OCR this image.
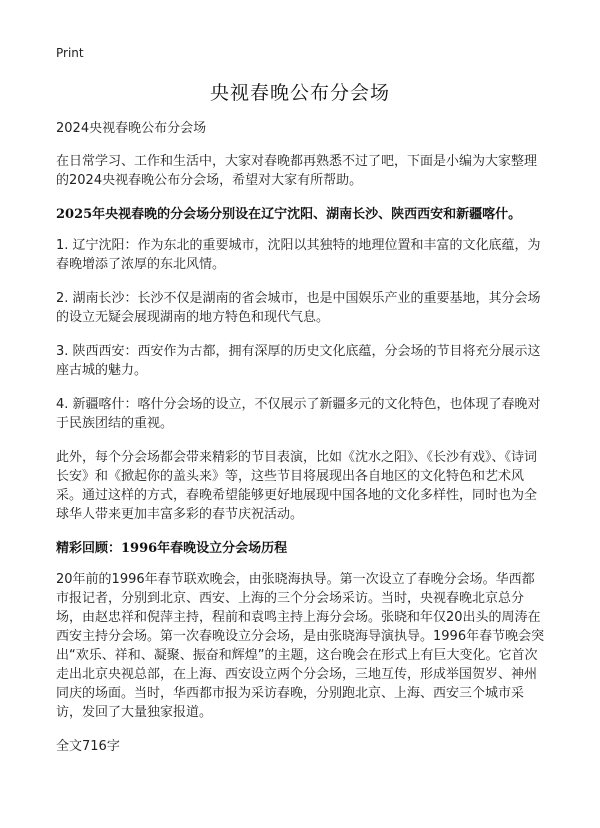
Print
央视春晚公布分会场

2024央视春晚公布分会场

在日常学习、工作和生活中，大家对春晚都再熟悉不过了吧，下面是小编为大家整理的2024央视春晚公布分会场，希望对大家有所帮助。

2025年央视春晚的分会场分别设在辽宁沈阳、湖南长沙、陕西西安和新疆喀什。

1. 辽宁沈阳：作为东北的重要城市，沈阳以其独特的地理位置和丰富的文化底蕴，为春晚增添了浓厚的东北风情。

2. 湖南长沙：长沙不仅是湖南的省会城市，也是中国娱乐产业的重要基地，其分会场的设立无疑会展现湖南的地方特色和现代气息。

3. 陕西西安：西安作为古都，拥有深厚的历史文化底蕴，分会场的节目将充分展示这座古城的魅力。

4. 新疆喀什：喀什分会场的设立，不仅展示了新疆多元的文化特色，也体现了春晚对于民族团结的重视。

此外，每个分会场都会带来精彩的节目表演，比如《沈水之阳》、《长沙有戏》、《诗词长安》和《掀起你的盖头来》等，这些节目将展现出各自地区的文化特色和艺术风采。通过这样的方式，春晚希望能够更好地展现中国各地的文化多样性，同时也为全球华人带来更加丰富多彩的春节庆祝活动。

精彩回顾：1996年春晚设立分会场历程

20年前的1996年春节联欢晚会，由张晓海执导。第一次设立了春晚分会场。华西都市报记者，分别到北京、西安、上海的三个分会场采访。当时，央视春晚北京总分场，由赵忠祥和倪萍主持，程前和袁鸣主持上海分会场。张晓和年仅20出头的周涛在西安主持分会场。第一次春晚设立分会场，是由张晓海导演执导。1996年春节晚会突出“欢乐、祥和、凝聚、振奋和辉煌”的主题，这台晚会在形式上有巨大变化。它首次走出北京央视总部，在上海、西安设立两个分会场，三地互传，形成举国贺岁、神州同庆的场面。当时，华西都市报为采访春晚，分别跑北京、上海、西安三个城市采访，发回了大量独家报道。

全文716字
